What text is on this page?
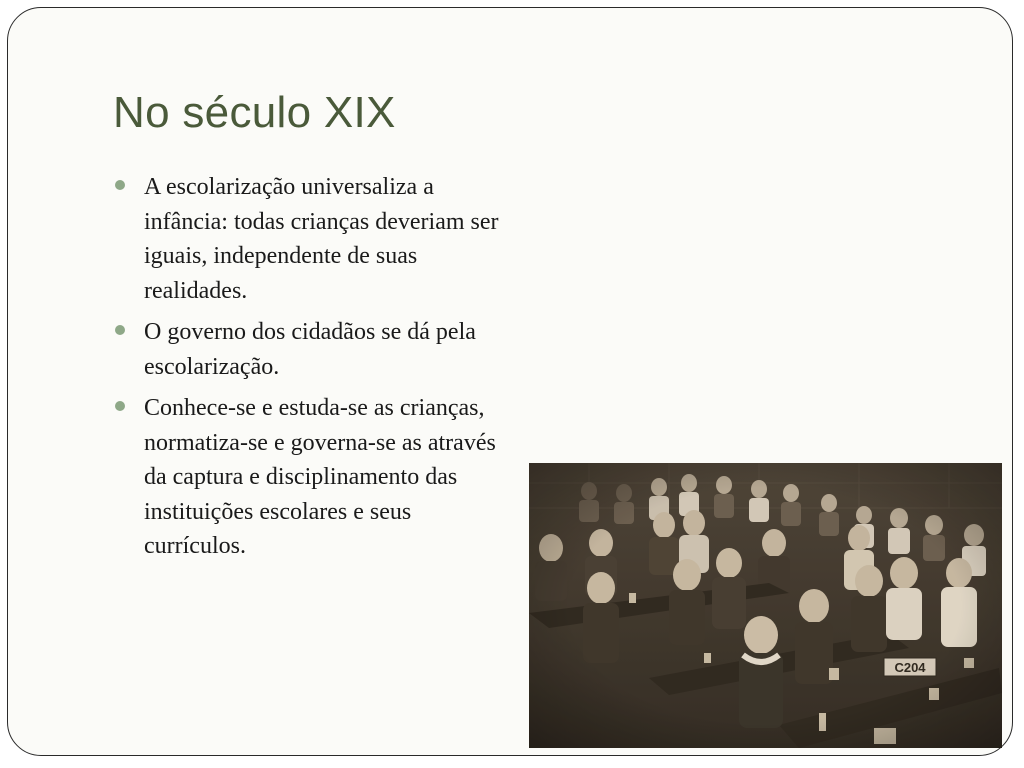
No século XIX
A escolarização universaliza a infância: todas crianças deveriam ser iguais, independente de suas realidades.
O governo dos cidadãos se dá pela escolarização.
Conhece-se e estuda-se as crianças, normatiza-se e governa-se as através da captura e disciplinamento das instituições escolares e seus currículos.
